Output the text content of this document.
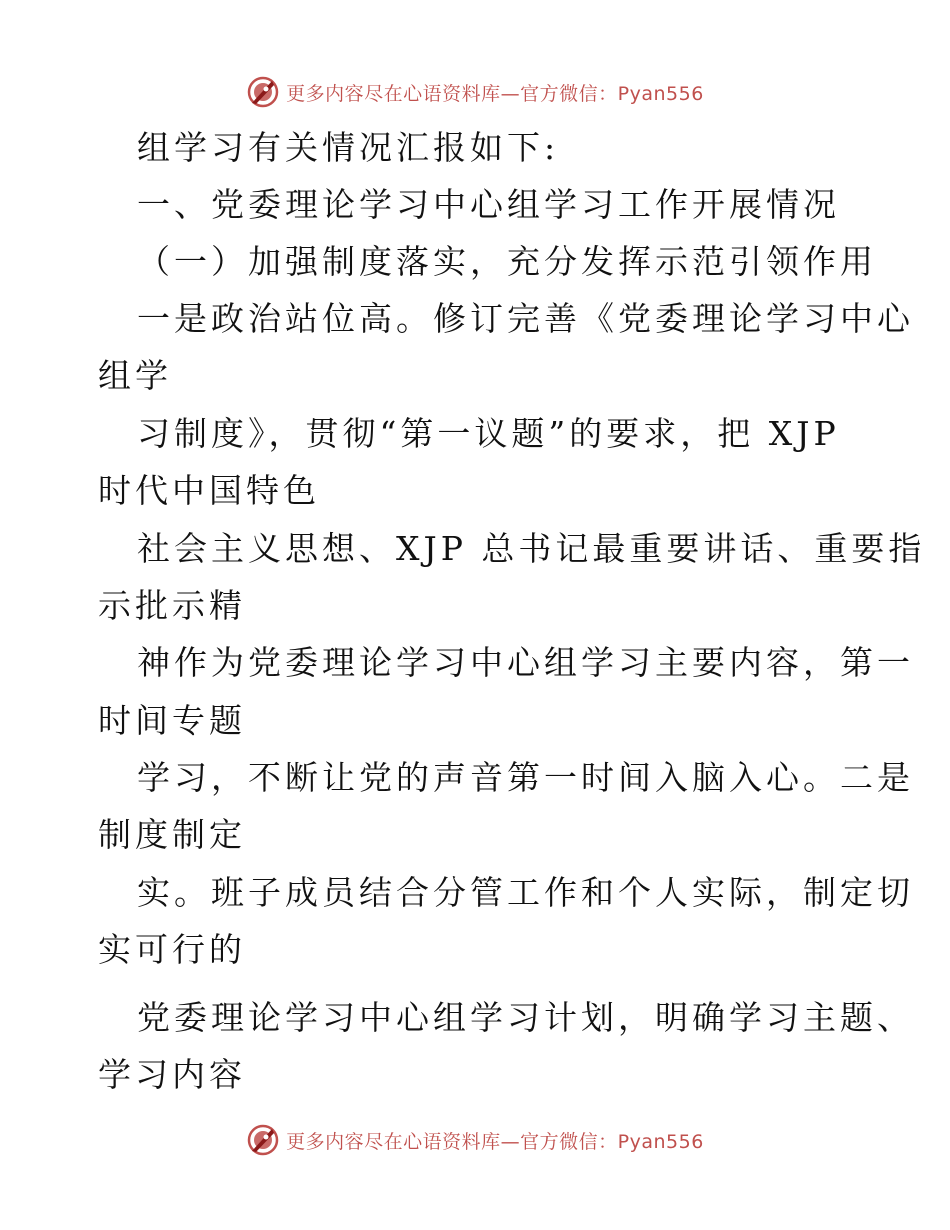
更多内容尽在心语资料库—官方微信：Pyan556
组学习有关情况汇报如下:
一、党委理论学习中心组学习工作开展情况
（一）加强制度落实，充分发挥示范引领作用
一是政治站位高。修订完善《党委理论学习中心
组学
习制度》，贯彻“第一议题”的要求，把 XJP
时代中国特色
社会主义思想、XJP 总书记最重要讲话、重要指
示批示精
神作为党委理论学习中心组学习主要内容，第一
时间专题
学习，不断让党的声音第一时间入脑入心。二是
制度制定
实。班子成员结合分管工作和个人实际，制定切
实可行的
党委理论学习中心组学习计划，明确学习主题、
学习内容
更多内容尽在心语资料库—官方微信：Pyan556
